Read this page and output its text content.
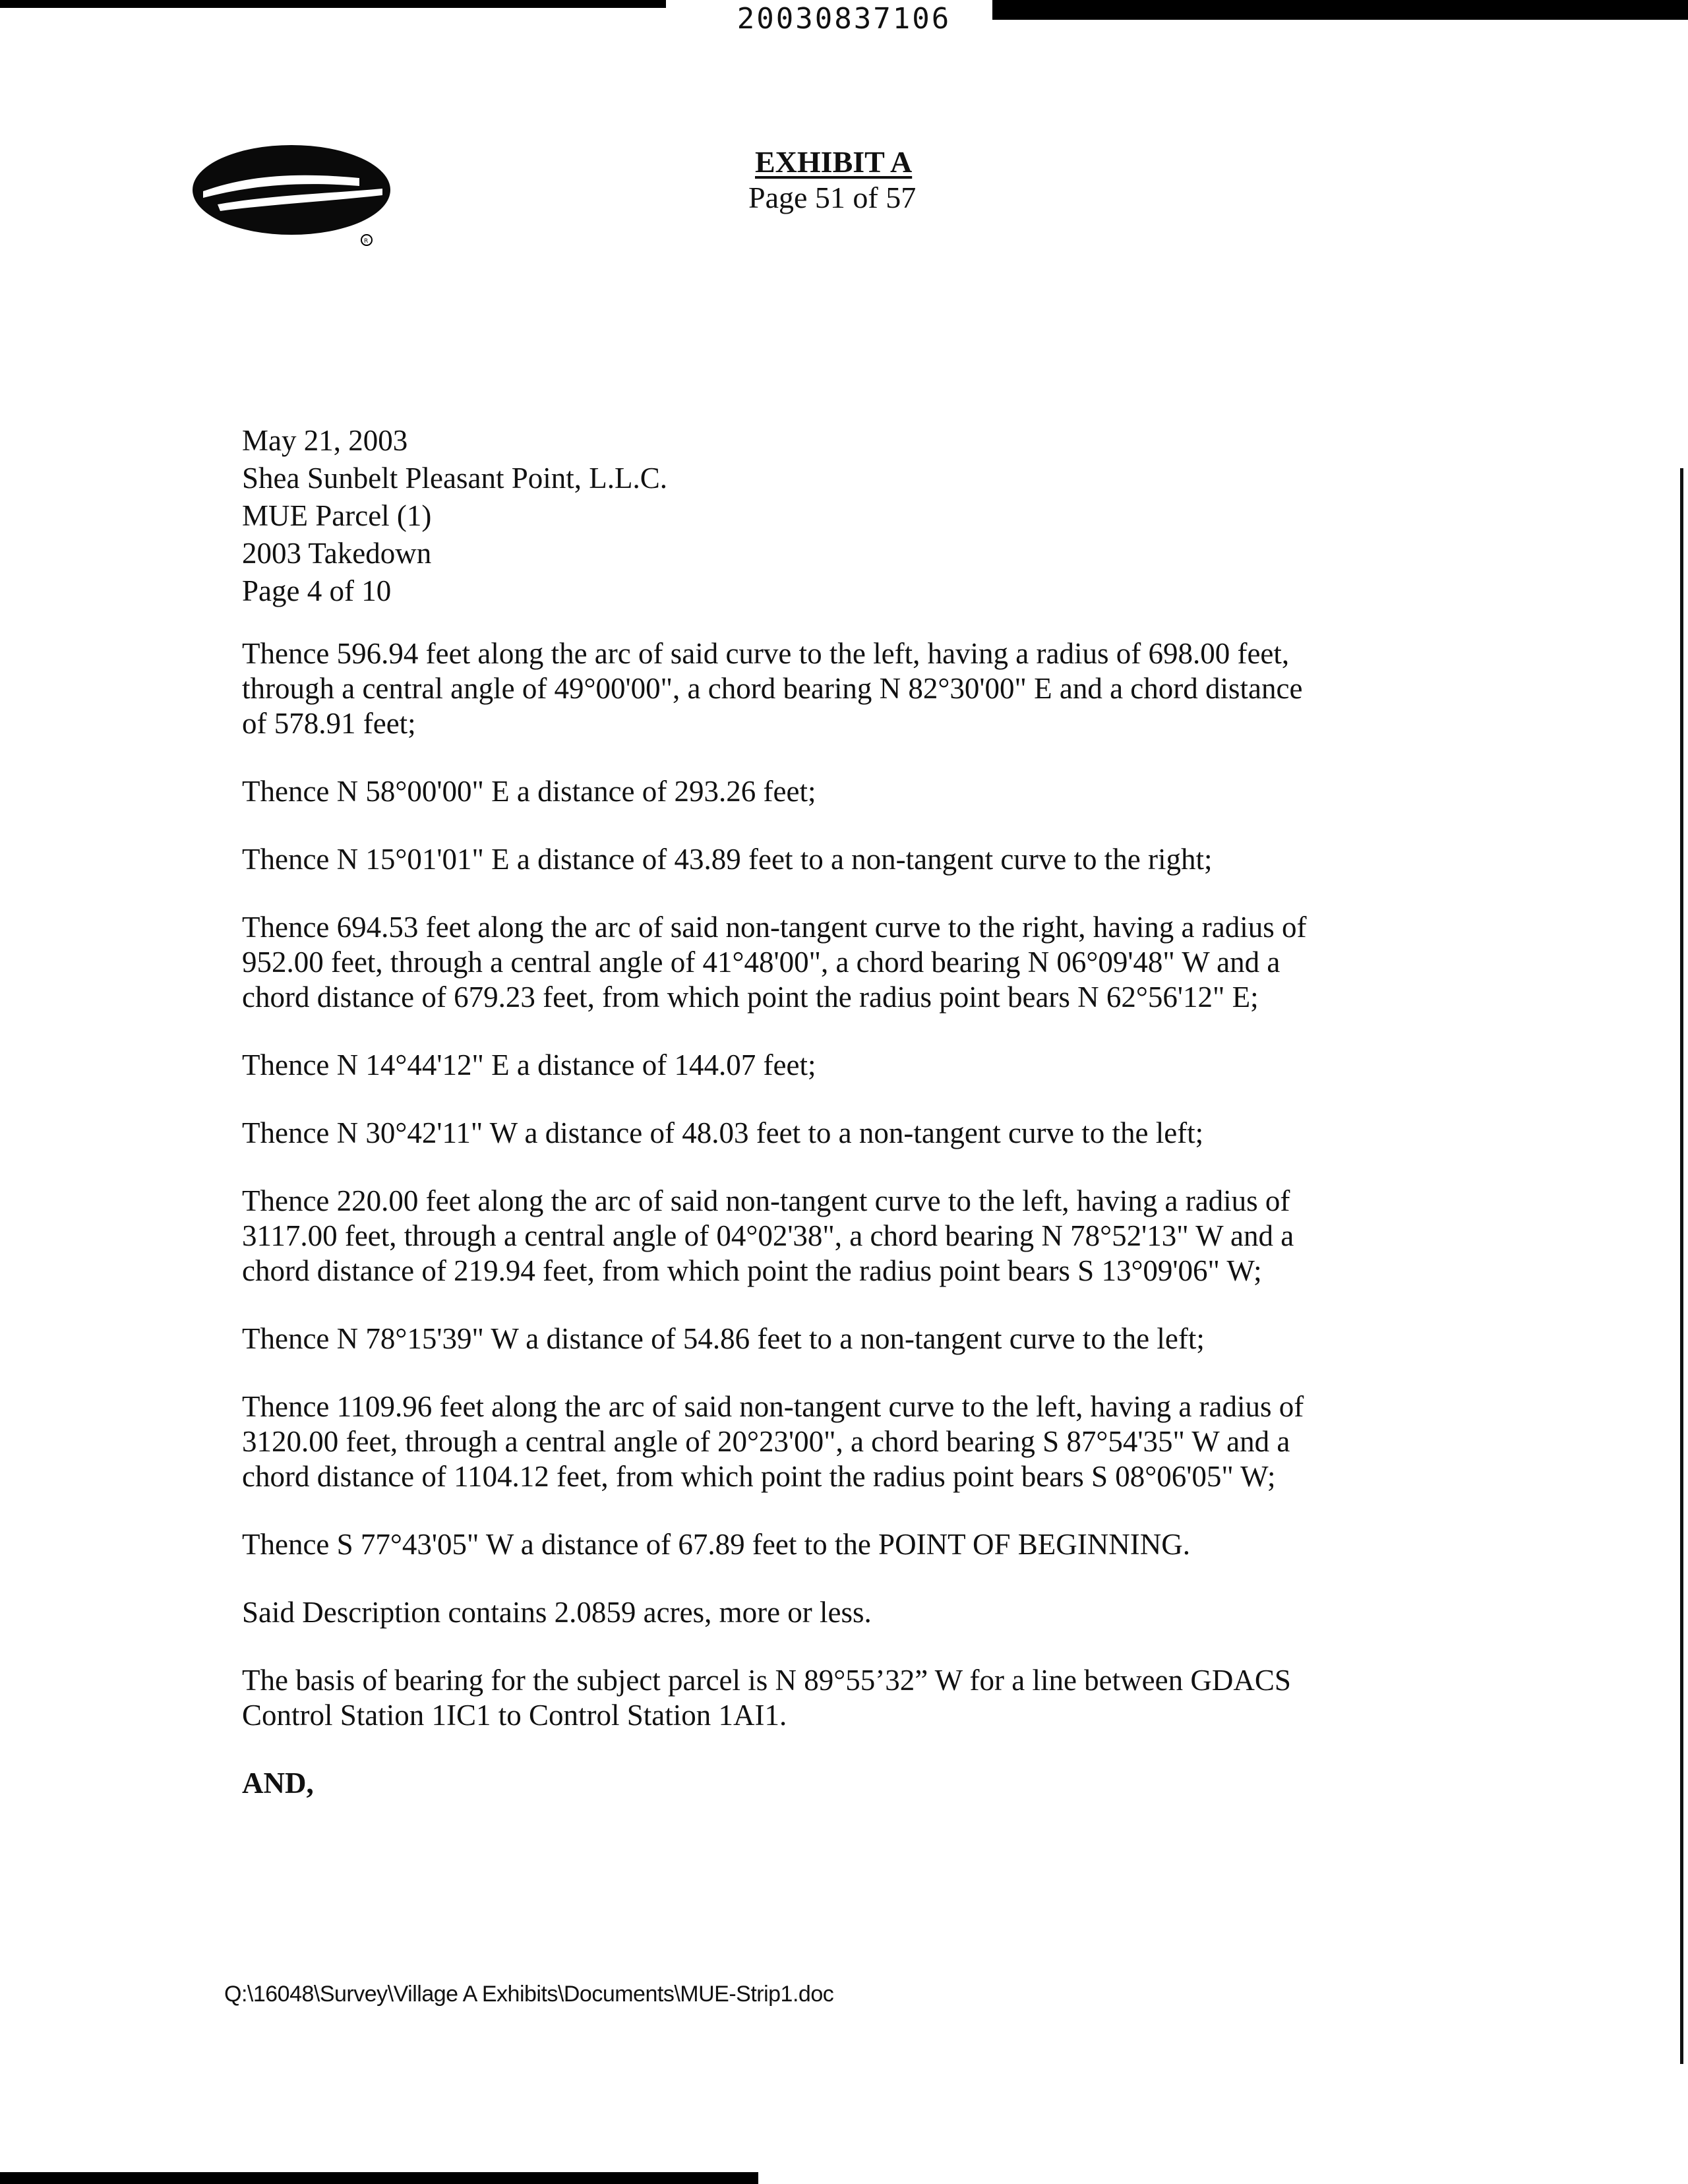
20030837106
R
EXHIBIT A
Page 51 of 57
May 21, 2003
Shea Sunbelt Pleasant Point, L.L.C.
MUE Parcel (1)
2003 Takedown
Page 4 of 10
Thence 596.94 feet along the arc of said curve to the left, having a radius of 698.00 feet,
through a central angle of 49°00'00", a chord bearing N 82°30'00" E and a chord distance
of 578.91 feet;
Thence N 58°00'00" E a distance of 293.26 feet;
Thence N 15°01'01" E a distance of 43.89 feet to a non-tangent curve to the right;
Thence 694.53 feet along the arc of said non-tangent curve to the right, having a radius of
952.00 feet, through a central angle of 41°48'00", a chord bearing N 06°09'48" W and a
chord distance of 679.23 feet, from which point the radius point bears N 62°56'12" E;
Thence N 14°44'12" E a distance of 144.07 feet;
Thence N 30°42'11" W a distance of 48.03 feet to a non-tangent curve to the left;
Thence 220.00 feet along the arc of said non-tangent curve to the left, having a radius of
3117.00 feet, through a central angle of 04°02'38", a chord bearing N 78°52'13" W and a
chord distance of 219.94 feet, from which point the radius point bears S 13°09'06" W;
Thence N 78°15'39" W a distance of 54.86 feet to a non-tangent curve to the left;
Thence 1109.96 feet along the arc of said non-tangent curve to the left, having a radius of
3120.00 feet, through a central angle of 20°23'00", a chord bearing S 87°54'35" W and a
chord distance of 1104.12 feet, from which point the radius point bears S 08°06'05" W;
Thence S 77°43'05" W a distance of 67.89 feet to the POINT OF BEGINNING.
Said Description contains 2.0859 acres, more or less.
The basis of bearing for the subject parcel is N 89°55’32” W for a line between GDACS
Control Station 1IC1 to Control Station 1AI1.
AND,
Q:\16048\Survey\Village A Exhibits\Documents\MUE-Strip1.doc
